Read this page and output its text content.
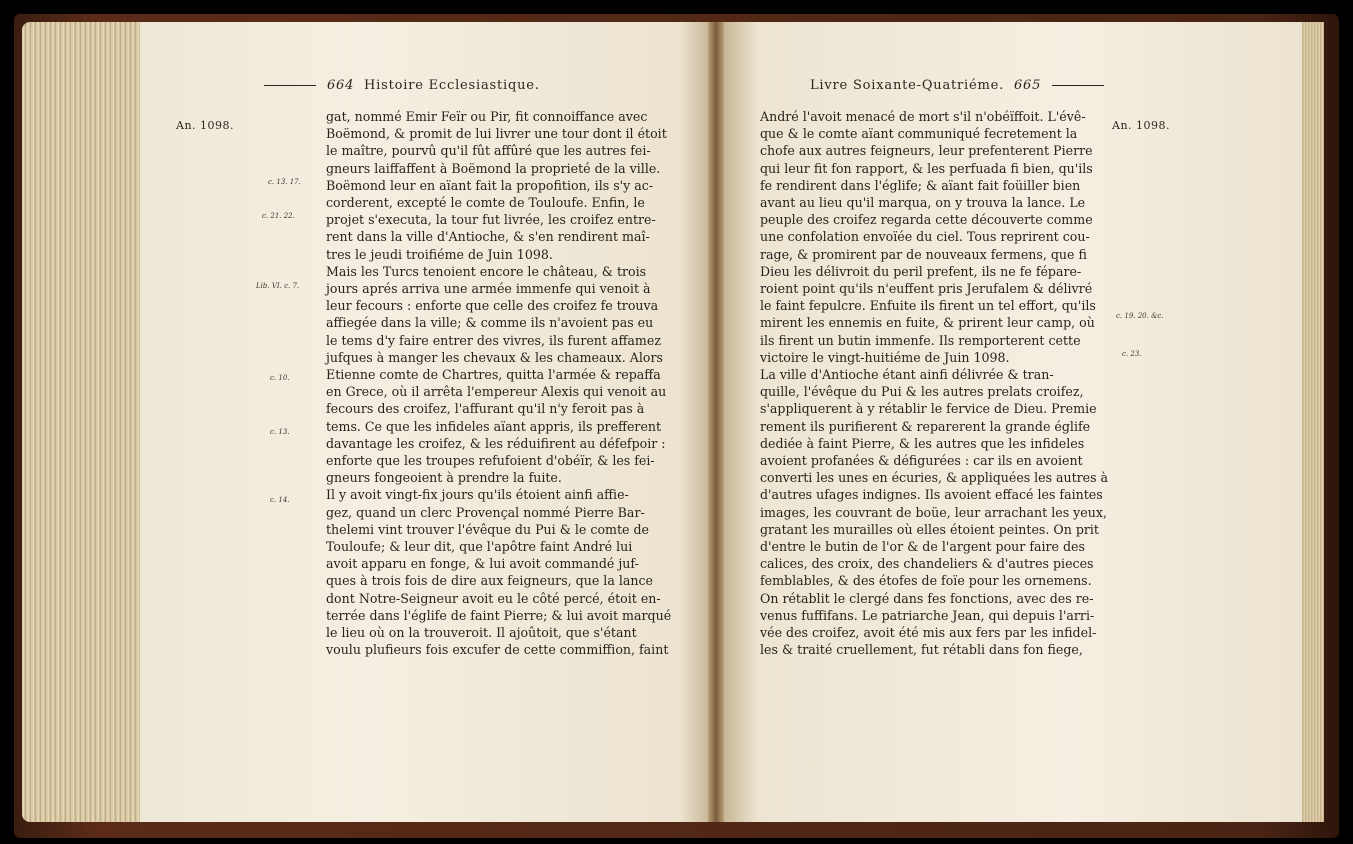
664 Histoire Ecclesiastique.
An. 1098.
c. 13. 17.
c. 21. 22.
Lib. VI. c. 7.
c. 10.
c. 13.
c. 14.
gat, nommé Emir Feïr ou Pir, fit connoiffance avec
Boëmond, & promit de lui livrer une tour dont il étoit
le maître, pourvû qu'il fût affûré que les autres fei-
gneurs laiffaffent à Boëmond la proprieté de la ville.
Boëmond leur en aïant fait la propofition, ils s'y ac-
corderent, excepté le comte de Touloufe. Enfin, le
projet s'executa, la tour fut livrée, les croifez entre-
rent dans la ville d'Antioche, & s'en rendirent maî-
tres le jeudi troifiéme de Juin 1098.
Mais les Turcs tenoient encore le château, & trois
jours aprés arriva une armée immenfe qui venoit à
leur fecours : enforte que celle des croifez fe trouva
affiegée dans la ville; & comme ils n'avoient pas eu
le tems d'y faire entrer des vivres, ils furent affamez
jufques à manger les chevaux & les chameaux. Alors
Etienne comte de Chartres, quitta l'armée & repaffa
en Grece, où il arrêta l'empereur Alexis qui venoit au
fecours des croifez, l'affurant qu'il n'y feroit pas à
tems. Ce que les infideles aïant appris, ils prefferent
davantage les croifez, & les réduifirent au défefpoir :
enforte que les troupes refufoient d'obéïr, & les fei-
gneurs fongeoient à prendre la fuite.
Il y avoit vingt-fix jours qu'ils étoient ainfi affie-
gez, quand un clerc Provençal nommé Pierre Bar-
thelemi vint trouver l'évêque du Pui & le comte de
Touloufe; & leur dit, que l'apôtre faint André lui
avoit apparu en fonge, & lui avoit commandé juf-
ques à trois fois de dire aux feigneurs, que la lance
dont Notre-Seigneur avoit eu le côté percé, étoit en-
terrée dans l'églife de faint Pierre; & lui avoit marqué
le lieu où on la trouveroit. Il ajoûtoit, que s'étant
voulu plufieurs fois excufer de cette commiffion, faint
Livre Soixante-Quatriéme. 665
An. 1098.
c. 19. 20. &c.
c. 23.
André l'avoit menacé de mort s'il n'obéïffoit. L'évê-
que & le comte aïant communiqué fecretement la
chofe aux autres feigneurs, leur prefenterent Pierre
qui leur fit fon rapport, & les perfuada fi bien, qu'ils
fe rendirent dans l'églife; & aïant fait foüiller bien
avant au lieu qu'il marqua, on y trouva la lance. Le
peuple des croifez regarda cette découverte comme
une confolation envoïée du ciel. Tous reprirent cou-
rage, & promirent par de nouveaux fermens, que fi
Dieu les délivroit du peril prefent, ils ne fe fépare-
roient point qu'ils n'euffent pris Jerufalem & délivré
le faint fepulcre. Enfuite ils firent un tel effort, qu'ils
mirent les ennemis en fuite, & prirent leur camp, où
ils firent un butin immenfe. Ils remporterent cette
victoire le vingt-huitiéme de Juin 1098.
La ville d'Antioche étant ainfi délivrée & tran-
quille, l'évêque du Pui & les autres prelats croifez,
s'appliquerent à y rétablir le fervice de Dieu. Premie
rement ils purifierent & reparerent la grande églife
dediée à faint Pierre, & les autres que les infideles
avoient profanées & défigurées : car ils en avoient
converti les unes en écuries, & appliquées les autres à
d'autres ufages indignes. Ils avoient effacé les faintes
images, les couvrant de boüe, leur arrachant les yeux,
gratant les murailles où elles étoient peintes. On prit
d'entre le butin de l'or & de l'argent pour faire des
calices, des croix, des chandeliers & d'autres pieces
femblables, & des étofes de foïe pour les ornemens.
On rétablit le clergé dans fes fonctions, avec des re-
venus fuffifans. Le patriarche Jean, qui depuis l'arri-
vée des croifez, avoit été mis aux fers par les infidel-
les & traité cruellement, fut rétabli dans fon fiege,
